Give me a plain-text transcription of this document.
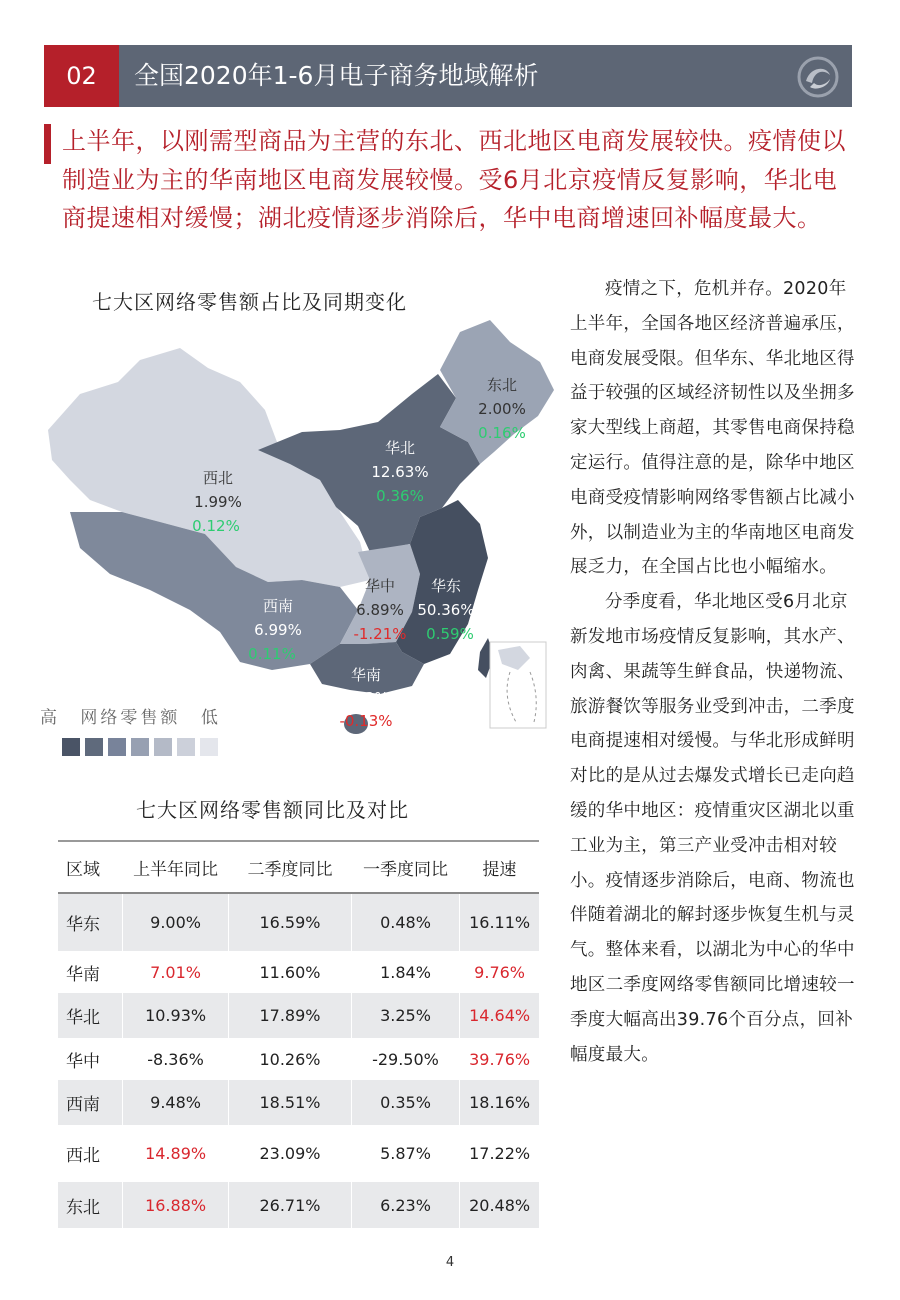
02	全国2020年1-6月电子商务地域解析
上半年，以刚需型商品为主营的东北、西北地区电商发展较快。疫情使以制造业为主的华南地区电商发展较慢。受6月北京疫情反复影响，华北电商提速相对缓慢；湖北疫情逐步消除后，华中电商增速回补幅度最大。
七大区网络零售额占比及同期变化
东北
2.00%
0.16%
华北
12.63%
0.36%
西北
1.99%
0.12%
华中
6.89%
-1.21%
华东
50.36%
0.59%
西南
6.99%
0.11%
华南
19.13%
-0.13%
高 网络零售额 低
七大区网络零售额同比及对比
区域	上半年同比	二季度同比	一季度同比	提速
华东	9.00%	16.59%	0.48%	16.11%
华南	7.01%	11.60%	1.84%	9.76%
华北	10.93%	17.89%	3.25%	14.64%
华中	-8.36%	10.26%	-29.50%	39.76%
西南	9.48%	18.51%	0.35%	18.16%
西北	14.89%	23.09%	5.87%	17.22%
东北	16.88%	26.71%	6.23%	20.48%

疫情之下，危机并存。2020年上半年，全国各地区经济普遍承压，电商发展受限。但华东、华北地区得益于较强的区域经济韧性以及坐拥多家大型线上商超，其零售电商保持稳定运行。值得注意的是，除华中地区电商受疫情影响网络零售额占比减小外，以制造业为主的华南地区电商发展乏力，在全国占比也小幅缩水。

分季度看，华北地区受6月北京新发地市场疫情反复影响，其水产、肉禽、果蔬等生鲜食品，快递物流、旅游餐饮等服务业受到冲击，二季度电商提速相对缓慢。与华北形成鲜明对比的是从过去爆发式增长已走向趋缓的华中地区：疫情重灾区湖北以重工业为主，第三产业受冲击相对较小。疫情逐步消除后，电商、物流也伴随着湖北的解封逐步恢复生机与灵气。整体来看，以湖北为中心的华中地区二季度网络零售额同比增速较一季度大幅高出39.76个百分点，回补幅度最大。

4
